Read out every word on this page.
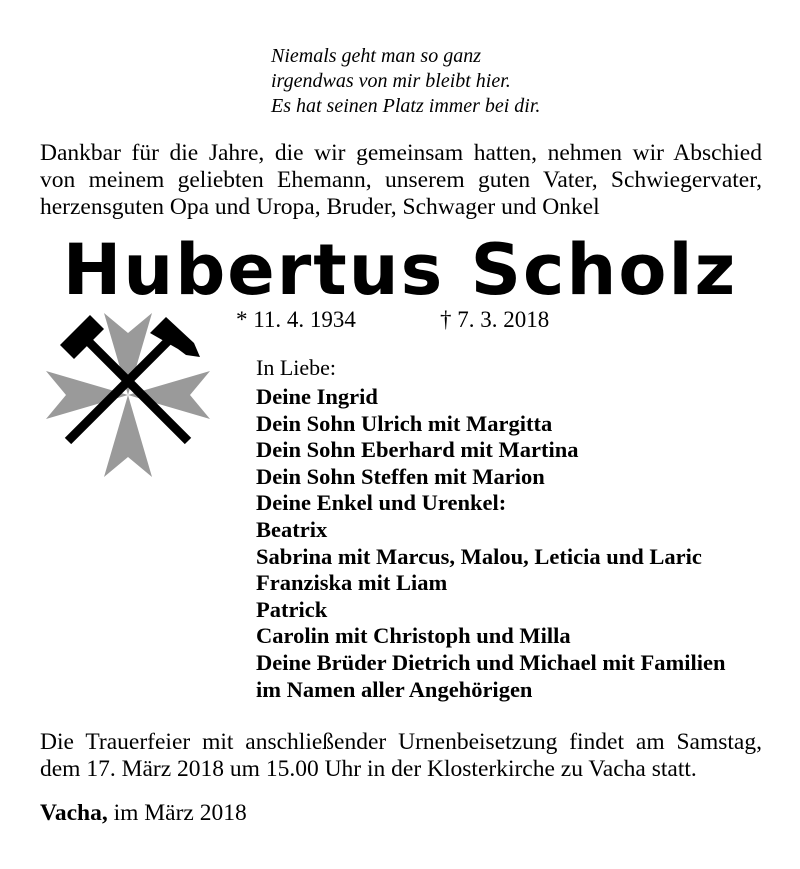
Niemals geht man so ganz
irgendwas von mir bleibt hier.
Es hat seinen Platz immer bei dir.
Dankbar für die Jahre, die wir gemeinsam hatten, nehmen wir Abschied
von meinem geliebten Ehemann, unserem guten Vater, Schwiegervater,
herzensguten Opa und Uropa, Bruder, Schwager und Onkel
Hubertus Scholz
* 11. 4. 1934	† 7. 3. 2018
In Liebe:
Deine Ingrid
Dein Sohn Ulrich mit Margitta
Dein Sohn Eberhard mit Martina
Dein Sohn Steffen mit Marion
Deine Enkel und Urenkel:
Beatrix
Sabrina mit Marcus, Malou, Leticia und Laric
Franziska mit Liam
Patrick
Carolin mit Christoph und Milla
Deine Brüder Dietrich und Michael mit Familien
im Namen aller Angehörigen
Die Trauerfeier mit anschließender Urnenbeisetzung findet am Samstag,
dem 17. März 2018 um 15.00 Uhr in der Klosterkirche zu Vacha statt.
Vacha, im März 2018
